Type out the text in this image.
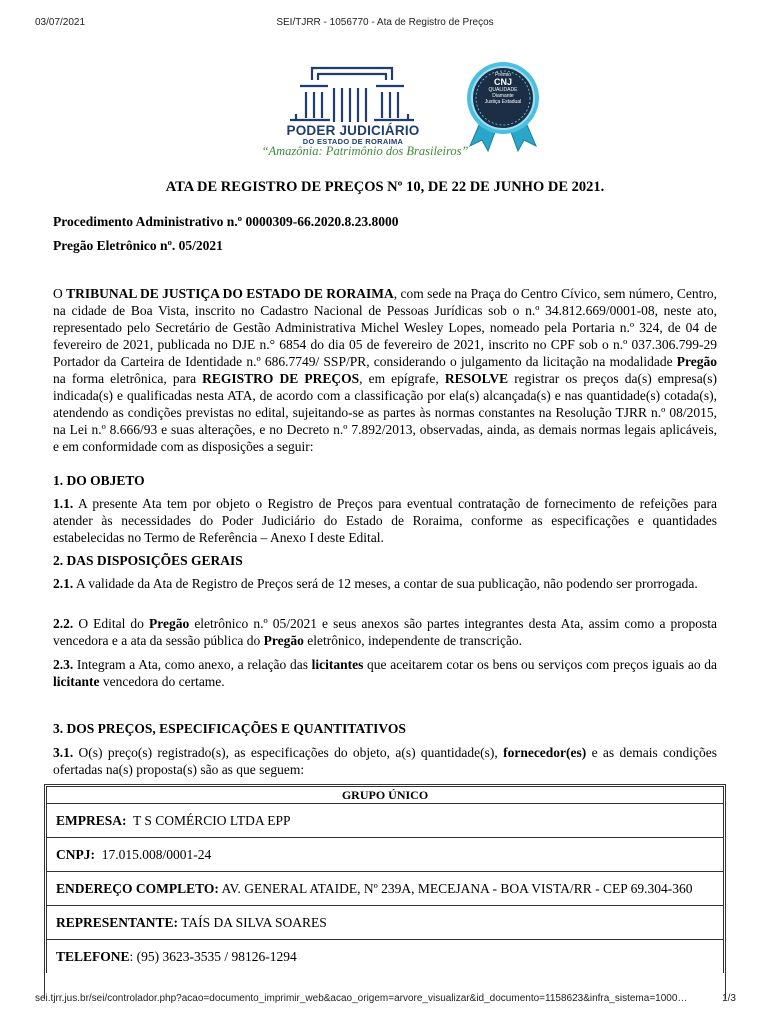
03/07/2021	SEI/TJRR - 1056770 - Ata de Registro de Preços
PODER JUDICIÁRIO
DO ESTADO DE RORAIMA
“Amazônia: Patrimônio dos Brasileiros”
Prêmio
CNJ
QUALIDADE
Diamante
Justiça Estadual
ATA DE REGISTRO DE PREÇOS Nº 10, DE 22 DE JUNHO DE 2021.

Procedimento Administrativo n.º 0000309-66.2020.8.23.8000

Pregão Eletrônico nº. 05/2021

O TRIBUNAL DE JUSTIÇA DO ESTADO DE RORAIMA, com sede na Praça do Centro Cívico, sem número, Centro, na cidade de Boa Vista, inscrito no Cadastro Nacional de Pessoas Jurídicas sob o n.º 34.812.669/0001-08, neste ato, representado pelo Secretário de Gestão Administrativa Michel Wesley Lopes, nomeado pela Portaria n.º 324, de 04 de fevereiro de 2021, publicada no DJE n.° 6854 do dia 05 de fevereiro de 2021, inscrito no CPF sob o n.º 037.306.799-29 Portador da Carteira de Identidade n.º 686.7749/ SSP/PR, considerando o julgamento da licitação na modalidade Pregão na forma eletrônica, para REGISTRO DE PREÇOS, em epígrafe, RESOLVE registrar os preços da(s) empresa(s) indicada(s) e qualificadas nesta ATA, de acordo com a classificação por ela(s) alcançada(s) e nas quantidade(s) cotada(s), atendendo as condições previstas no edital, sujeitando-se as partes às normas constantes na Resolução TJRR n.º 08/2015, na Lei n.º 8.666/93 e suas alterações, e no Decreto n.º 7.892/2013, observadas, ainda, as demais normas legais aplicáveis, e em conformidade com as disposições a seguir:

1. DO OBJETO

1.1. A presente Ata tem por objeto o Registro de Preços para eventual contratação de fornecimento de refeições para atender às necessidades do Poder Judiciário do Estado de Roraima, conforme as especificações e quantidades estabelecidas no Termo de Referência – Anexo I deste Edital.

2. DAS DISPOSIÇÕES GERAIS

2.1. A validade da Ata de Registro de Preços será de 12 meses, a contar de sua publicação, não podendo ser prorrogada.

2.2. O Edital do Pregão eletrônico n.º 05/2021 e seus anexos são partes integrantes desta Ata, assim como a proposta vencedora e a ata da sessão pública do Pregão eletrônico, independente de transcrição.

2.3. Integram a Ata, como anexo, a relação das licitantes que aceitarem cotar os bens ou serviços com preços iguais ao da licitante vencedora do certame.

3. DOS PREÇOS, ESPECIFICAÇÕES E QUANTITATIVOS

3.1. O(s) preço(s) registrado(s), as especificações do objeto, a(s) quantidade(s), fornecedor(es) e as demais condições ofertadas na(s) proposta(s) são as que seguem:

GRUPO ÚNICO
EMPRESA:  T S COMÉRCIO LTDA EPP
CNPJ:  17.015.008/0001-24
ENDEREÇO COMPLETO: AV. GENERAL ATAIDE, Nº 239A, MECEJANA - BOA VISTA/RR - CEP 69.304-360
REPRESENTANTE: TAÍS DA SILVA SOARES
TELEFONE: (95) 3623-3535 / 98126-1294
sei.tjrr.jus.br/sei/controlador.php?acao=documento_imprimir_web&acao_origem=arvore_visualizar&id_documento=1158623&infra_sistema=1000…	1/3
